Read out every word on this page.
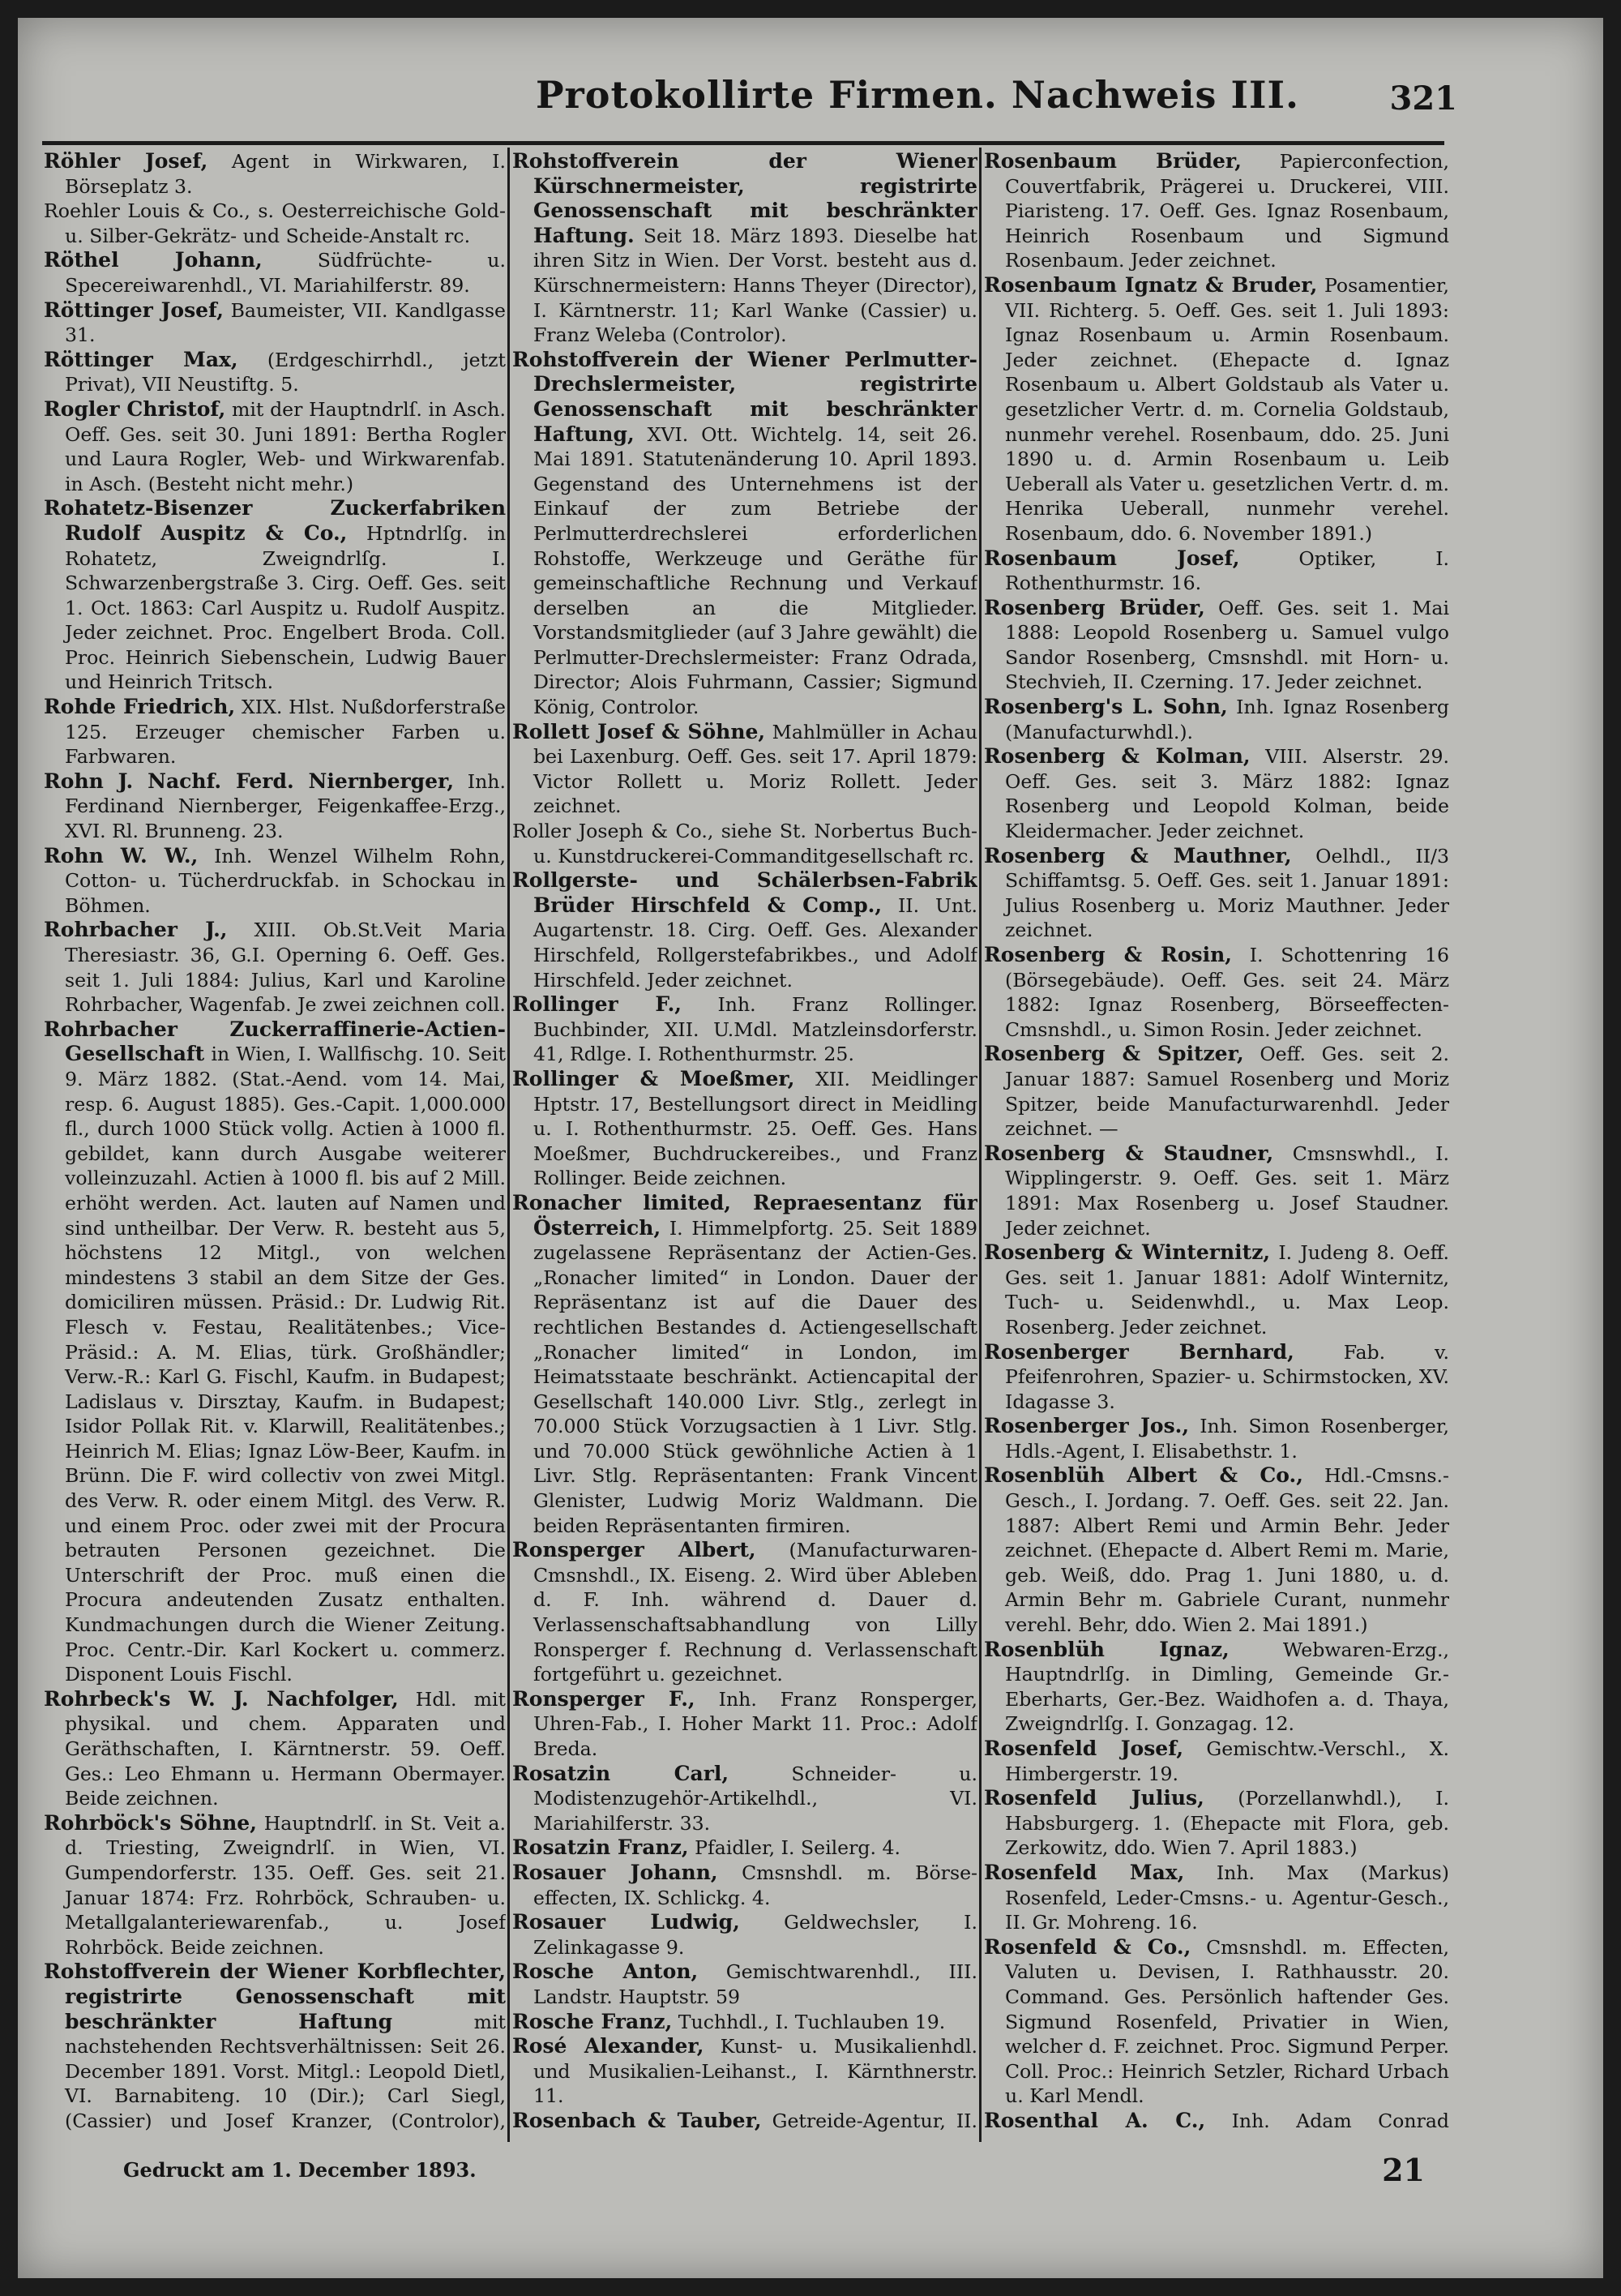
Protokollirte Firmen. Nachweis III.	321

Röhler Josef, Agent in Wirkwaren, I. Börseplatz 3.

Roehler Louis & Co., s. Oesterreichische Gold- u. Silber-Gekrätz- und Scheide-Anstalt rc.

Röthel Johann,	Südfrüchte- u. Specereiwarenhdl., VI. Mariahilferstr. 89.

Röttinger Josef, Baumeister, VII. Kandlgasse 31.

Röttinger Max, (Erdgeschirrhdl., jetzt Privat), VII Neustiftg. 5.

Rogler Christof, mit der Hauptndrlſ. in Asch. Oeff. Ges. seit 30. Juni 1891: Bertha Rogler und Laura Rogler, Web- und Wirkwarenfab. in Asch. (Besteht nicht mehr.)

Rohatetz-Bisenzer Zuckerfabriken Rudolf Auspitz & Co., Hptndrlſg. in Rohatetz, Zweigndrlſg. I. Schwarzenbergstraße 3. Cirg. Oeff. Ges. seit 1. Oct. 1863: Carl Auspitz u. Rudolf Auspitz. Jeder zeichnet. Proc. Engelbert Broda. Coll. Proc. Heinrich Siebenschein, Ludwig Bauer und Heinrich Tritsch.

Rohde Friedrich, XIX. Hlst. Nußdorferstraße 125. Erzeuger chemischer Farben u. Farbwaren.

Rohn J. Nachf. Ferd. Niernberger, Inh. Ferdinand Niernberger, Feigenkaffee-Erzg., XVI. Rl. Brunneng. 23.

Rohn W. W., Inh. Wenzel Wilhelm Rohn, Cotton- u. Tücherdruckfab. in Schockau in Böhmen.

Rohrbacher J., XIII. Ob.St.Veit Maria Theresiastr. 36, G.I. Operning 6. Oeff. Ges. seit 1. Juli 1884: Julius, Karl und Karoline Rohrbacher, Wagenfab. Je zwei zeichnen coll.

Rohrbacher Zuckerraffinerie-Actien-Gesellschaft in Wien, I. Wallfischg. 10. Seit 9. März 1882. (Stat.-Aend. vom 14. Mai, resp. 6. August 1885). Ges.-Capit. 1,000.000 fl., durch 1000 Stück vollg. Actien à 1000 fl. gebildet, kann durch Ausgabe weiterer volleinzuzahl. Actien à 1000 fl. bis auf 2 Mill. erhöht werden. Act. lauten auf Namen und sind untheilbar. Der Verw. R. besteht aus 5, höchstens 12 Mitgl., von welchen mindestens 3 stabil an dem Sitze der Ges. domiciliren müssen. Präsid.: Dr. Ludwig Rit. Flesch v. Festau, Realitätenbes.; Vice-Präsid.: A. M. Elias, türk. Großhändler; Verw.-R.: Karl G. Fischl, Kaufm. in Budapest; Ladislaus v. Dirsztay, Kaufm. in Budapest; Isidor Pollak Rit. v. Klarwill, Realitätenbes.; Heinrich M. Elias; Ignaz Löw-Beer, Kaufm. in Brünn. Die F. wird collectiv von zwei Mitgl. des Verw. R. oder einem Mitgl. des Verw. R. und einem Proc. oder zwei mit der Procura betrauten Personen gezeichnet. Die Unterschrift der Proc. muß einen die Procura andeutenden Zusatz enthalten. Kundmachungen durch die Wiener Zeitung. Proc. Centr.-Dir. Karl Kockert u. commerz. Disponent Louis Fischl.

Rohrbeck's W. J. Nachfolger, Hdl. mit physikal. und chem. Apparaten und Geräthschaften, I. Kärntnerstr. 59. Oeff. Ges.: Leo Ehmann u. Hermann Obermayer. Beide zeichnen.

Rohrböck's Söhne, Hauptndrlſ. in St. Veit a. d. Triesting, Zweigndrlſ. in Wien, VI. Gumpendorferstr. 135. Oeff. Ges. seit 21. Januar 1874: Frz. Rohrböck, Schrauben- u. Metallgalanteriewarenfab., u. Josef Rohrböck. Beide zeichnen.

Rohstoffverein der Wiener Korbflechter, registrirte Genossenschaft mit beschränkter Haftung	mit nachstehenden Rechtsverhältnissen: Seit 26. December 1891. Vorst. Mitgl.: Leopold Dietl, VI. Barnabiteng. 10 (Dir.); Carl Siegl, (Cassier) und Josef Kranzer, (Controlor),

Rohstoffverein der Wiener Kürschnermeister, registrirte Genossenschaft mit beschränkter Haftung. Seit 18. März 1893. Dieselbe hat ihren Sitz in Wien. Der Vorst. besteht aus d. Kürschnermeistern: Hanns Theyer (Director), I. Kärntnerstr. 11; Karl Wanke (Cassier) u. Franz Weleba (Controlor).

Rohstoffverein der Wiener Perlmutter-Drechslermeister, registrirte Genossenschaft mit beschränkter Haftung, XVI. Ott. Wichtelg. 14, seit 26. Mai 1891. Statutenänderung 10. April 1893. Gegenstand des Unternehmens ist der Einkauf der zum Betriebe der Perlmutterdrechslerei erforderlichen Rohstoffe, Werkzeuge und Geräthe für gemeinschaftliche Rechnung und Verkauf derselben an die Mitglieder. Vorstandsmitglieder (auf 3 Jahre gewählt) die Perlmutter-Drechslermeister: Franz Odrada, Director; Alois Fuhrmann, Cassier; Sigmund König, Controlor.

Rollett Josef & Söhne, Mahlmüller in Achau bei Laxenburg. Oeff. Ges. seit 17. April 1879: Victor Rollett u. Moriz Rollett. Jeder zeichnet.

Roller Joseph & Co., siehe St. Norbertus Buch- u. Kunstdruckerei-Commanditgesellschaft rc.

Rollgerste- und Schälerbsen-Fabrik Brüder Hirschfeld & Comp., II. Unt. Augartenstr. 18. Cirg. Oeff. Ges. Alexander Hirschfeld, Rollgerstefabrikbes., und Adolf Hirschfeld. Jeder zeichnet.

Rollinger F., Inh. Franz Rollinger. Buchbinder, XII. U.Mdl. Matzleinsdorferstr. 41, Rdlge. I. Rothenthurmstr. 25.

Rollinger & Moeßmer, XII. Meidlinger Hptstr. 17, Bestellungsort direct in Meidling u. I. Rothenthurmstr. 25. Oeff. Ges. Hans Moeßmer, Buchdruckereibes., und Franz Rollinger. Beide zeichnen.

Ronacher limited, Repraesentanz für Österreich, I. Himmelpfortg. 25. Seit 1889 zugelassene Repräsentanz der Actien-Ges. „Ronacher limited“ in London. Dauer der Repräsentanz ist auf die Dauer des rechtlichen Bestandes d. Actiengesellschaft „Ronacher limited“ in London, im Heimatsstaate beschränkt. Actiencapital der Gesellschaft 140.000 Livr. Stlg., zerlegt in 70.000 Stück Vorzugsactien à 1 Livr. Stlg. und 70.000 Stück gewöhnliche Actien à 1 Livr. Stlg. Repräsentanten: Frank Vincent Glenister, Ludwig Moriz Waldmann. Die beiden Repräsentanten firmiren.

Ronsperger Albert, (Manufacturwaren-Cmsnshdl., IX. Eiseng. 2. Wird über Ableben d. F. Inh. während d. Dauer d. Verlassenschaftsabhandlung von Lilly Ronsperger f. Rechnung d. Verlassenschaft fortgeführt u. gezeichnet.

Ronsperger F., Inh. Franz Ronsperger, Uhren-Fab., I. Hoher Markt 11. Proc.: Adolf Breda.

Rosatzin Carl,	Schneider- u. Modistenzugehör-Artikelhdl., VI. Mariahilferstr. 33.

Rosatzin Franz, Pfaidler, I. Seilerg. 4.

Rosauer Johann, Cmsnshdl. m. Börse-effecten, IX. Schlickg. 4.

Rosauer Ludwig, Geldwechsler, I. Zelinkagasse 9.

Rosche Anton, Gemischtwarenhdl., III. Landstr. Hauptstr. 59

Rosche Franz, Tuchhdl., I. Tuchlauben 19.

Rosé Alexander, Kunst- u. Musikalienhdl. und Musikalien-Leihanst., I. Kärnthnerstr. 11.

Rosenbach & Tauber, Getreide-Agentur, II.

Rosenbaum Brüder, Papierconfection, Couvertfabrik, Prägerei u. Druckerei, VIII. Piaristeng. 17. Oeff. Ges. Ignaz Rosenbaum, Heinrich Rosenbaum und Sigmund Rosenbaum. Jeder zeichnet.

Rosenbaum Ignatz & Bruder, Posamentier, VII. Richterg. 5. Oeff. Ges. seit 1. Juli 1893: Ignaz Rosenbaum u. Armin Rosenbaum. Jeder zeichnet. (Ehepacte d. Ignaz Rosenbaum u. Albert Goldstaub als Vater u. gesetzlicher Vertr. d. m. Cornelia Goldstaub, nunmehr verehel. Rosenbaum, ddo. 25. Juni 1890 u. d. Armin Rosenbaum u. Leib Ueberall als Vater u. gesetzlichen Vertr. d. m. Henrika Ueberall, nunmehr verehel. Rosenbaum, ddo. 6. November 1891.)

Rosenbaum Josef,	Optiker, I. Rothenthurmstr. 16.

Rosenberg Brüder, Oeff. Ges. seit 1. Mai 1888: Leopold Rosenberg u. Samuel vulgo Sandor Rosenberg, Cmsnshdl. mit Horn- u. Stechvieh, II. Czerning. 17. Jeder zeichnet.

Rosenberg's L. Sohn, Inh. Ignaz Rosenberg (Manufacturwhdl.).

Rosenberg & Kolman, VIII. Alserstr. 29. Oeff. Ges. seit 3. März 1882: Ignaz Rosenberg und Leopold Kolman, beide Kleidermacher. Jeder zeichnet.

Rosenberg & Mauthner, Oelhdl., II/3 Schiffamtsg. 5. Oeff. Ges. seit 1. Januar 1891: Julius Rosenberg u. Moriz Mauthner. Jeder zeichnet.

Rosenberg & Rosin, I. Schottenring 16 (Börsegebäude). Oeff. Ges. seit 24. März 1882: Ignaz Rosenberg, Börseeffecten-Cmsnshdl., u. Simon Rosin. Jeder zeichnet.

Rosenberg & Spitzer, Oeff. Ges. seit 2. Januar 1887: Samuel Rosenberg und Moriz Spitzer, beide Manufacturwarenhdl. Jeder zeichnet. —

Rosenberg & Staudner, Cmsnswhdl., I. Wipplingerstr. 9. Oeff. Ges. seit 1. März 1891: Max Rosenberg u. Josef Staudner. Jeder zeichnet.

Rosenberg & Winternitz, I. Judeng 8. Oeff. Ges. seit 1. Januar 1881: Adolf Winternitz, Tuch- u. Seidenwhdl., u. Max Leop. Rosenberg. Jeder zeichnet.

Rosenberger Bernhard,	Fab. v. Pfeifenrohren, Spazier- u. Schirmstocken, XV. Idagasse 3.

Rosenberger Jos., Inh. Simon Rosenberger, Hdls.-Agent, I. Elisabethstr. 1.

Rosenblüh Albert & Co., Hdl.-Cmsns.-Gesch., I. Jordang. 7. Oeff. Ges. seit 22. Jan. 1887: Albert Remi und Armin Behr. Jeder zeichnet. (Ehepacte d. Albert Remi m. Marie, geb. Weiß, ddo. Prag 1. Juni 1880, u. d. Armin Behr m. Gabriele Curant, nunmehr verehl. Behr, ddo. Wien 2. Mai 1891.)

Rosenblüh Ignaz,	Webwaren-Erzg., Hauptndrlſg. in Dimling, Gemeinde Gr.-Eberharts, Ger.-Bez. Waidhofen a. d. Thaya, Zweigndrlſg. I. Gonzagag. 12.

Rosenfeld Josef, Gemischtw.-Verschl., X. Himbergerstr. 19.

Rosenfeld Julius, (Porzellanwhdl.), I. Habsburgerg. 1. (Ehepacte mit Flora, geb. Zerkowitz, ddo. Wien 7. April 1883.)

Rosenfeld Max, Inh. Max (Markus) Rosenfeld, Leder-Cmsns.- u. Agentur-Gesch., II. Gr. Mohreng. 16.

Rosenfeld & Co., Cmsnshdl. m. Effecten, Valuten u. Devisen, I. Rathhausstr. 20. Command. Ges. Persönlich haftender Ges. Sigmund Rosenfeld, Privatier in Wien, welcher d. F. zeichnet. Proc. Sigmund Perper. Coll. Proc.: Heinrich Setzler, Richard Urbach u. Karl Mendl.

Rosenthal A. C., Inh. Adam Conrad

Gedruckt am 1. December 1893.	21
